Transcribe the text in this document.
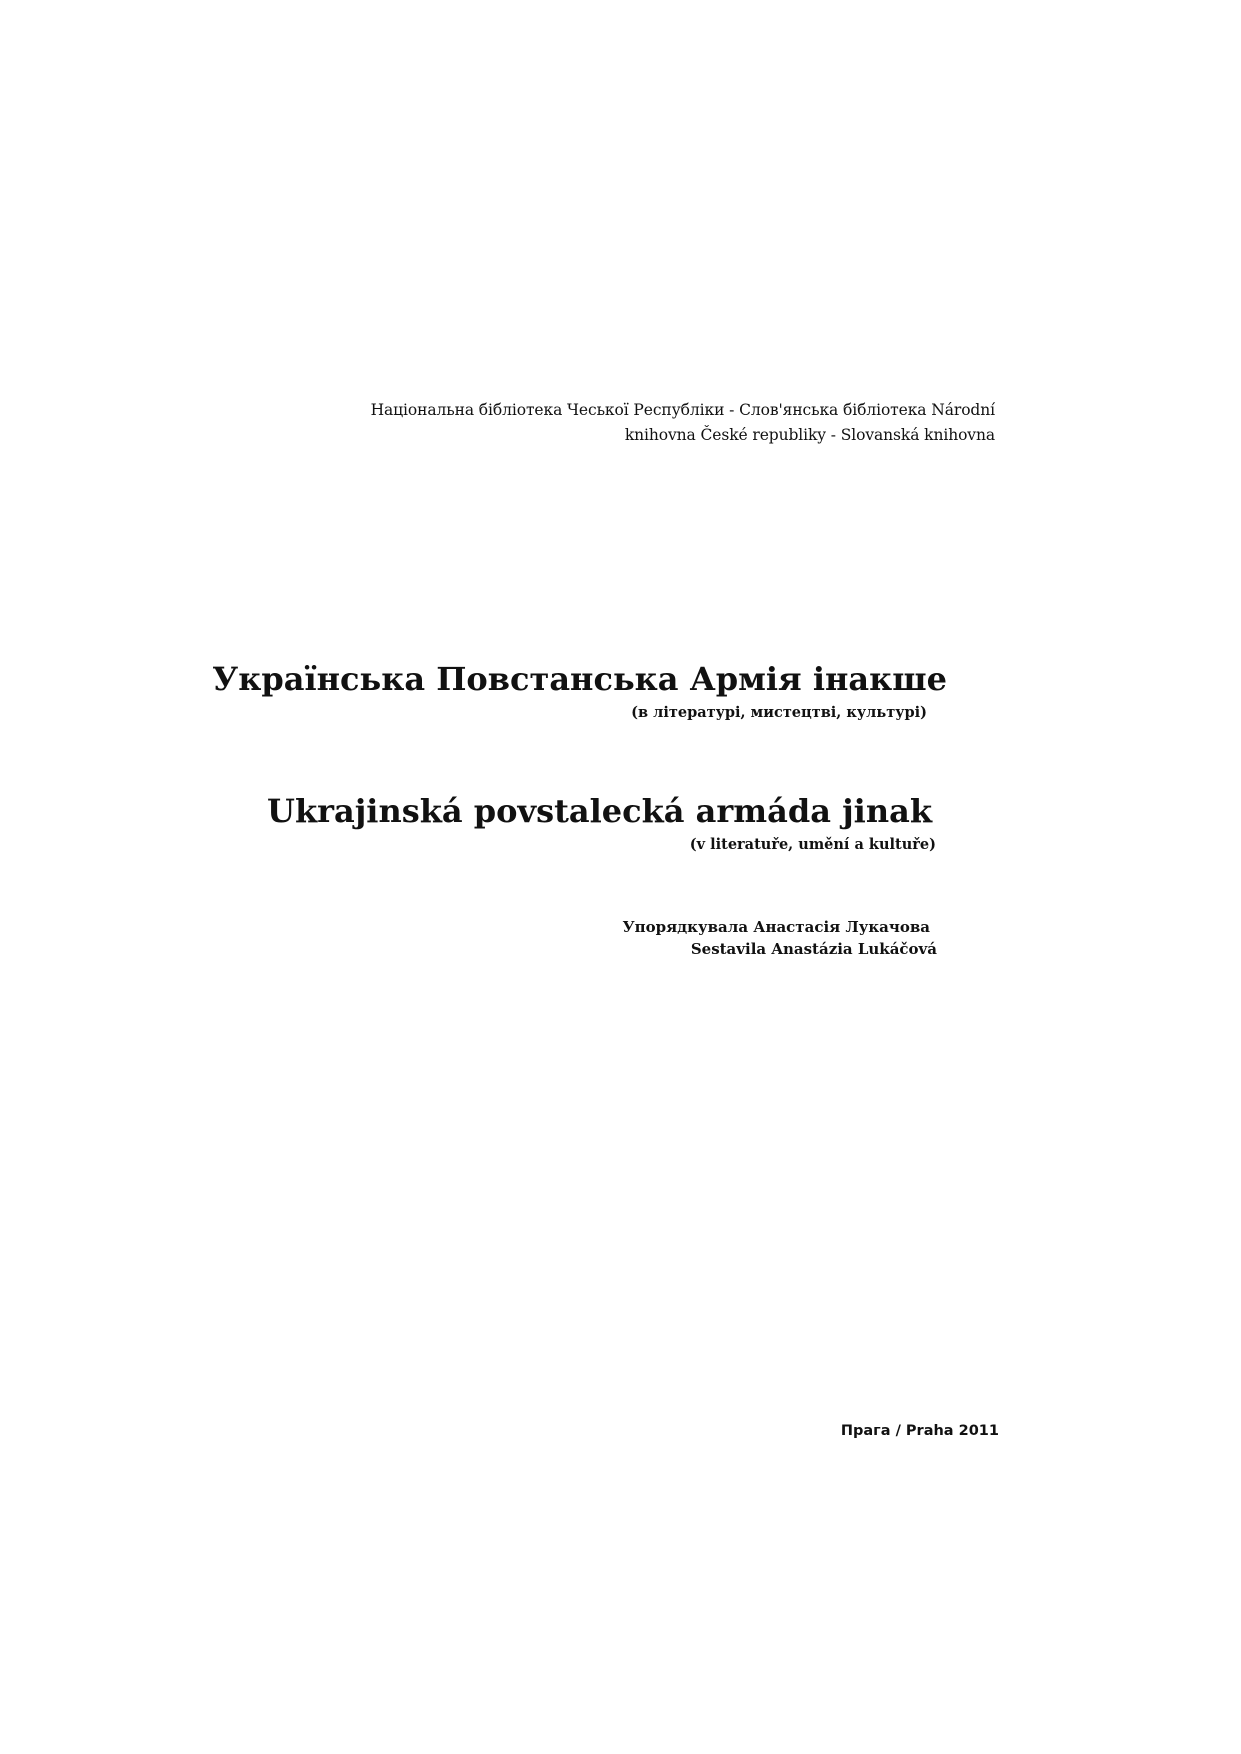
Національна бібліотека Чеської Республіки - Слов'янська бібліотека Národní
knihovna České republiky - Slovanská knihovna
Українська Повстанська Армія інакше
(в літературі, мистецтві, культурі)
Ukrajinská povstalecká armáda jinak
(v literatuře, umění a kultuře)
Упорядкувала Анастасія Лукачова
Sestavila Anastázia Lukáčová
Прага / Praha 2011
